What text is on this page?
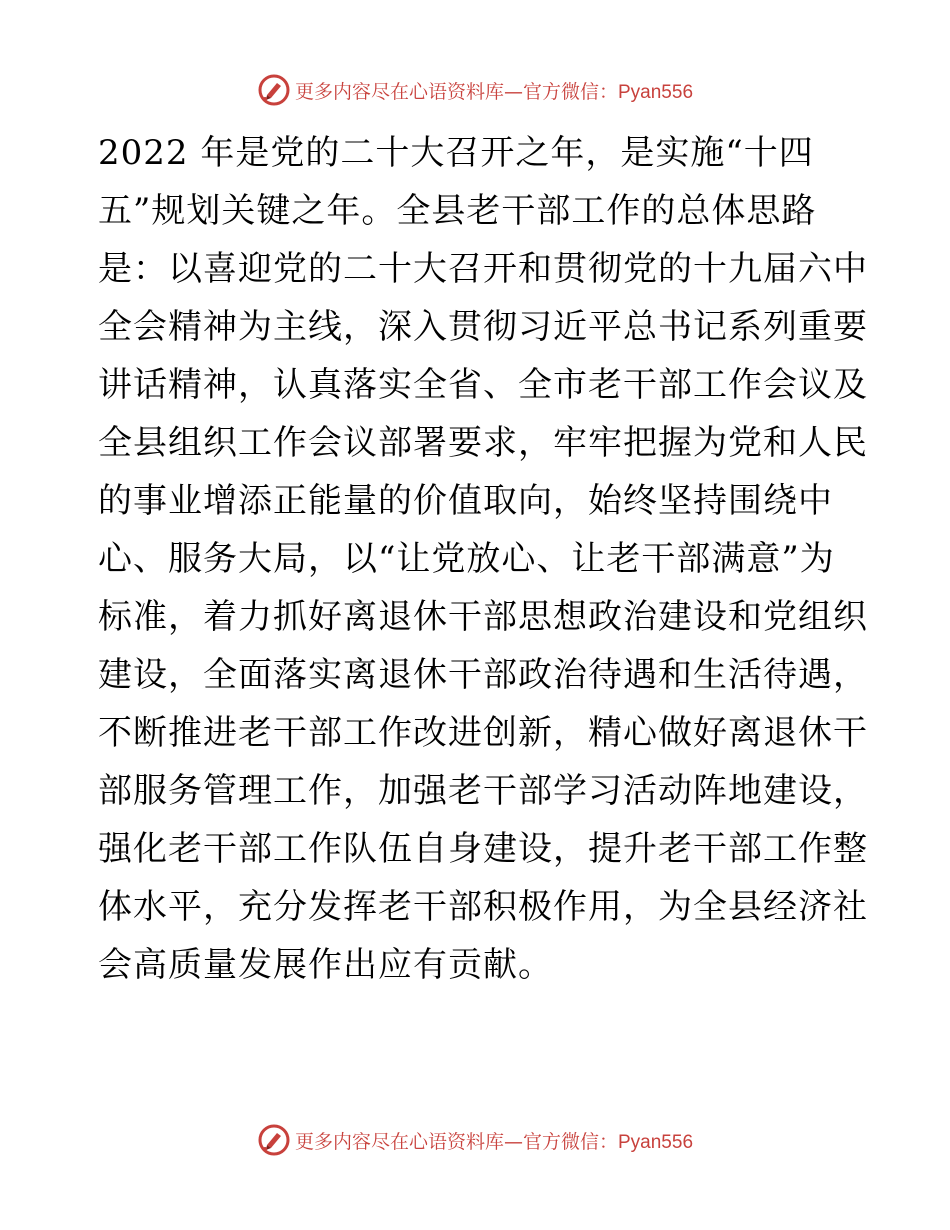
更多内容尽在心语资料库—官方微信：Pyan556
2022 年是党的二十大召开之年，是实施“十四
五”规划关键之年。全县老干部工作的总体思路
是：以喜迎党的二十大召开和贯彻党的十九届六中
全会精神为主线，深入贯彻习近平总书记系列重要
讲话精神，认真落实全省、全市老干部工作会议及
全县组织工作会议部署要求，牢牢把握为党和人民
的事业增添正能量的价值取向，始终坚持围绕中
心、服务大局，以“让党放心、让老干部满意”为
标准，着力抓好离退休干部思想政治建设和党组织
建设，全面落实离退休干部政治待遇和生活待遇，
不断推进老干部工作改进创新，精心做好离退休干
部服务管理工作，加强老干部学习活动阵地建设，
强化老干部工作队伍自身建设，提升老干部工作整
体水平，充分发挥老干部积极作用，为全县经济社
会高质量发展作出应有贡献。
更多内容尽在心语资料库—官方微信：Pyan556
